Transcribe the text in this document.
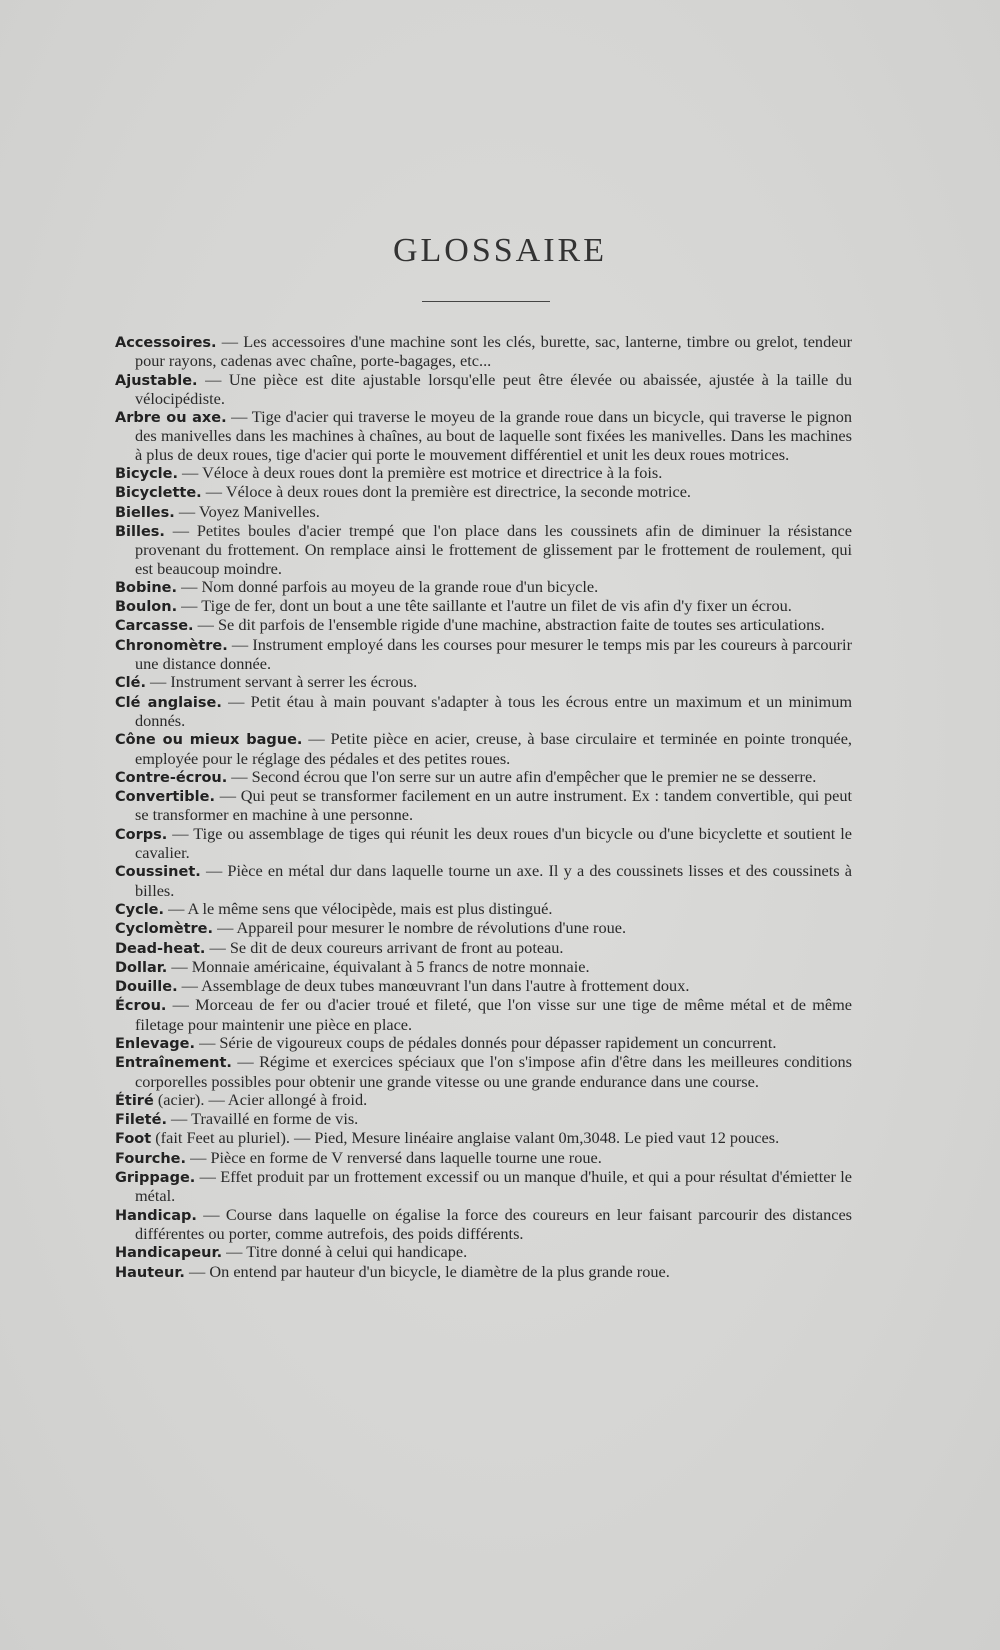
GLOSSAIRE

Accessoires. — Les accessoires d'une machine sont les clés, burette, sac, lanterne, timbre ou grelot, tendeur pour rayons, cadenas avec chaîne, porte-bagages, etc...

Ajustable. — Une pièce est dite ajustable lorsqu'elle peut être élevée ou abaissée, ajustée à la taille du vélocipédiste.

Arbre ou axe. — Tige d'acier qui traverse le moyeu de la grande roue dans un bicycle, qui traverse le pignon des manivelles dans les machines à chaînes, au bout de laquelle sont fixées les manivelles. Dans les machines à plus de deux roues, tige d'acier qui porte le mouvement différentiel et unit les deux roues motrices.

Bicycle. — Véloce à deux roues dont la première est motrice et directrice à la fois.

Bicyclette. — Véloce à deux roues dont la première est directrice, la seconde motrice.

Bielles. — Voyez Manivelles.

Billes. — Petites boules d'acier trempé que l'on place dans les coussinets afin de diminuer la résistance provenant du frottement. On remplace ainsi le frottement de glissement par le frottement de roulement, qui est beaucoup moindre.

Bobine. — Nom donné parfois au moyeu de la grande roue d'un bicycle.

Boulon. — Tige de fer, dont un bout a une tête saillante et l'autre un filet de vis afin d'y fixer un écrou.

Carcasse. — Se dit parfois de l'ensemble rigide d'une machine, abstraction faite de toutes ses articulations.

Chronomètre. — Instrument employé dans les courses pour mesurer le temps mis par les coureurs à parcourir une distance donnée.

Clé. — Instrument servant à serrer les écrous.

Clé anglaise. — Petit étau à main pouvant s'adapter à tous les écrous entre un maximum et un minimum donnés.

Cône ou mieux bague. — Petite pièce en acier, creuse, à base circulaire et terminée en pointe tronquée, employée pour le réglage des pédales et des petites roues.

Contre-écrou. — Second écrou que l'on serre sur un autre afin d'empêcher que le premier ne se desserre.

Convertible. — Qui peut se transformer facilement en un autre instrument. Ex : tandem convertible, qui peut se transformer en machine à une personne.

Corps. — Tige ou assemblage de tiges qui réunit les deux roues d'un bicycle ou d'une bicyclette et soutient le cavalier.

Coussinet. — Pièce en métal dur dans laquelle tourne un axe. Il y a des coussinets lisses et des coussinets à billes.

Cycle. — A le même sens que vélocipède, mais est plus distingué.

Cyclomètre. — Appareil pour mesurer le nombre de révolutions d'une roue.

Dead-heat. — Se dit de deux coureurs arrivant de front au poteau.

Dollar. — Monnaie américaine, équivalant à 5 francs de notre monnaie.

Douille. — Assemblage de deux tubes manœuvrant l'un dans l'autre à frottement doux.

Écrou. — Morceau de fer ou d'acier troué et fileté, que l'on visse sur une tige de même métal et de même filetage pour maintenir une pièce en place.

Enlevage. — Série de vigoureux coups de pédales donnés pour dépasser rapidement un concurrent.

Entraînement. — Régime et exercices spéciaux que l'on s'impose afin d'être dans les meilleures conditions corporelles possibles pour obtenir une grande vitesse ou une grande endurance dans une course.

Étiré (acier). — Acier allongé à froid.

Fileté. — Travaillé en forme de vis.

Foot (fait Feet au pluriel). — Pied, Mesure linéaire anglaise valant 0m,3048. Le pied vaut 12 pouces.

Fourche. — Pièce en forme de V renversé dans laquelle tourne une roue.

Grippage. — Effet produit par un frottement excessif ou un manque d'huile, et qui a pour résultat d'émietter le métal.

Handicap. — Course dans laquelle on égalise la force des coureurs en leur faisant parcourir des distances différentes ou porter, comme autrefois, des poids différents.

Handicapeur. — Titre donné à celui qui handicape.

Hauteur. — On entend par hauteur d'un bicycle, le diamètre de la plus grande roue.
